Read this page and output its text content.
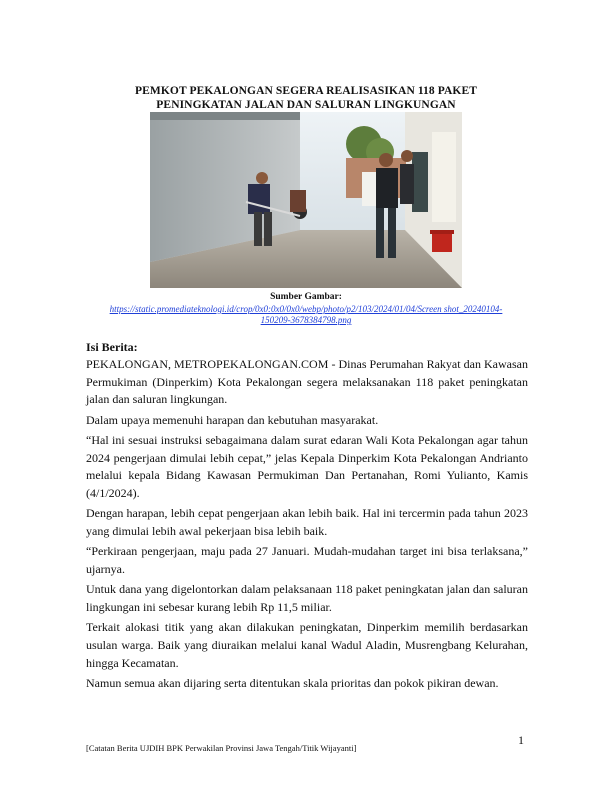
PEMKOT PEKALONGAN SEGERA REALISASIKAN 118 PAKET
PENINGKATAN JALAN DAN SALURAN LINGKUNGAN
Sumber Gambar:
https://static.promediateknologi.id/crop/0x0:0x0/0x0/webp/photo/p2/103/2024/01/04/Screen shot_20240104-
150209-3678384798.png
Isi Berita:

PEKALONGAN, METROPEKALONGAN.COM - Dinas Perumahan Rakyat dan Kawasan Permukiman (Dinperkim) Kota Pekalongan segera melaksanakan 118 paket peningkatan jalan dan saluran lingkungan.

Dalam upaya memenuhi harapan dan kebutuhan masyarakat.

“Hal ini sesuai instruksi sebagaimana dalam surat edaran Wali Kota Pekalongan agar tahun 2024 pengerjaan dimulai lebih cepat,” jelas Kepala Dinperkim Kota Pekalongan Andrianto melalui kepala Bidang Kawasan Permukiman Dan Pertanahan, Romi Yulianto, Kamis (4/1/2024).

Dengan harapan, lebih cepat pengerjaan akan lebih baik. Hal ini tercermin pada tahun 2023 yang dimulai lebih awal pekerjaan bisa lebih baik.

“Perkiraan pengerjaan, maju pada 27 Januari. Mudah-mudahan target ini bisa terlaksana,” ujarnya.

Untuk dana yang digelontorkan dalam pelaksanaan 118 paket peningkatan jalan dan saluran lingkungan ini sebesar kurang lebih Rp 11,5 miliar.

Terkait alokasi titik yang akan dilakukan peningkatan, Dinperkim memilih berdasarkan usulan warga. Baik yang diuraikan melalui kanal Wadul Aladin, Musrengbang Kelurahan, hingga Kecamatan.

Namun semua akan dijaring serta ditentukan skala prioritas dan pokok pikiran dewan.

1
[Catatan Berita UJDIH BPK Perwakilan Provinsi Jawa Tengah/Titik Wijayanti]
